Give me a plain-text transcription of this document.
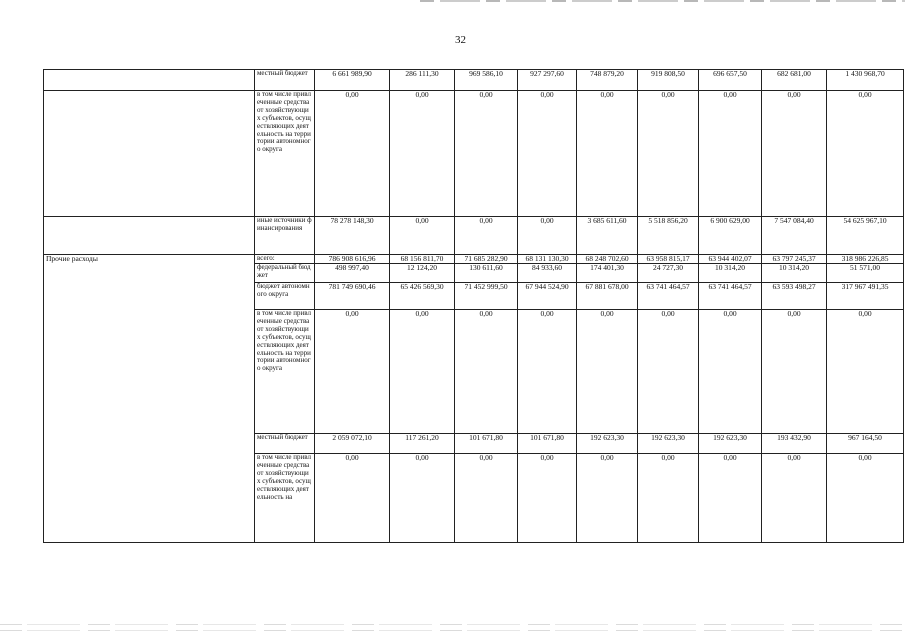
32
	местный бюджет	6 661 989,90	286 111,30	969 586,10	927 297,60	748 879,20	919 808,50	696 657,50	682 681,00	1 430 968,70
	в том числе привлеченные средства от хозяйствующих субъектов, осуществляющих деятельность на территории автономного округа	0,00	0,00	0,00	0,00	0,00	0,00	0,00	0,00	0,00
	иные источники финансирования	78 278 148,30	0,00	0,00	0,00	3 685 611,60	5 518 856,20	6 900 629,00	7 547 084,40	54 625 967,10
Прочие расходы	всего:	786 908 616,96	68 156 811,70	71 685 282,90	68 131 130,30	68 248 702,60	63 958 815,17	63 944 402,07	63 797 245,37	318 986 226,85
	федеральный бюджет	498 997,40	12 124,20	130 611,60	84 933,60	174 401,30	24 727,30	10 314,20	10 314,20	51 571,00
	бюджет автономного округа	781 749 690,46	65 426 569,30	71 452 999,50	67 944 524,90	67 881 678,00	63 741 464,57	63 741 464,57	63 593 498,27	317 967 491,35
	в том числе привлеченные средства от хозяйствующих субъектов, осуществляющих деятельность на территории автономного округа	0,00	0,00	0,00	0,00	0,00	0,00	0,00	0,00	0,00
	местный бюджет	2 059 072,10	117 261,20	101 671,80	101 671,80	192 623,30	192 623,30	192 623,30	193 432,90	967 164,50
	в том числе привлеченные средства от хозяйствующих субъектов, осуществляющих деятельность на	0,00	0,00	0,00	0,00	0,00	0,00	0,00	0,00	0,00
